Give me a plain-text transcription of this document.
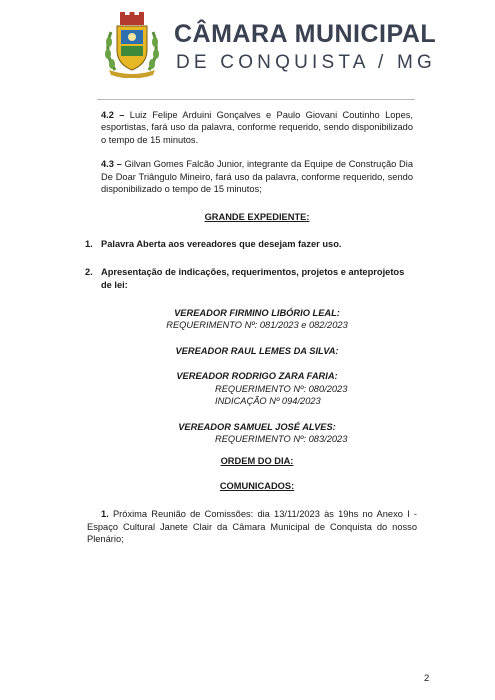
CÂMARA MUNICIPAL
DE CONQUISTA / MG

4.2 – Luiz Felipe Arduini Gonçalves e Paulo Giovani Coutinho Lopes, esportistas, fará uso da palavra, conforme requerido, sendo disponibilizado o tempo de 15 minutos.

4.3 – Gilvan Gomes Falcão Junior, integrante da Equipe de Construção Dia De Doar Triângulo Mineiro, fará uso da palavra, conforme requerido, sendo disponibilizado o tempo de 15 minutos;

GRANDE EXPEDIENTE:
1. Palavra Aberta aos vereadores que desejam fazer uso.
2. Apresentação de indicações, requerimentos, projetos e anteprojetos de lei:
VEREADOR FIRMINO LIBÓRIO LEAL:
REQUERIMENTO Nº: 081/2023 e 082/2023
VEREADOR RAUL LEMES DA SILVA:
VEREADOR RODRIGO ZARA FARIA:
REQUERIMENTO Nº: 080/2023
INDICAÇÃO Nº 094/2023
VEREADOR SAMUEL JOSÉ ALVES:
REQUERIMENTO Nº: 083/2023
ORDEM DO DIA:
COMUNICADOS:

1. Próxima Reunião de Comissões: dia 13/11/2023 às 19hs no Anexo I - Espaço Cultural Janete Clair da Câmara Municipal de Conquista do nosso Plenário;

2
